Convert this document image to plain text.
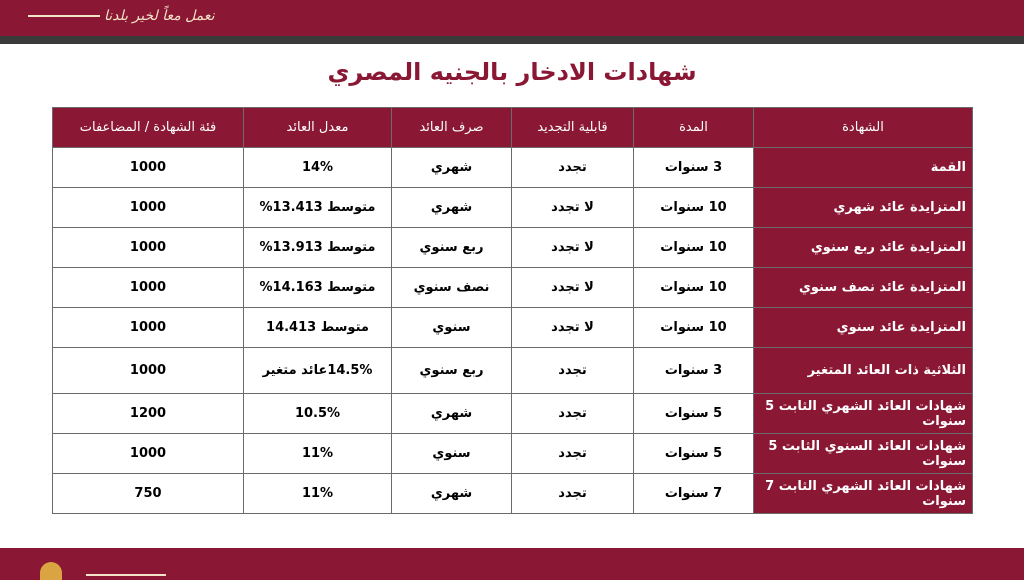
نعمل معاً لخير بلدنا
شهادات الادخار بالجنيه المصري
الشهادة	المدة	قابلية التجديد	صرف العائد	معدل العائد	فئة الشهادة / المضاعفات
القمة	3 سنوات	تجدد	شهري	14%	1000
المتزايدة عائد شهري	10 سنوات	لا تجدد	شهري	متوسط 13.413%	1000
المتزايدة عائد ربع سنوي	10 سنوات	لا تجدد	ربع سنوي	متوسط 13.913%	1000
المتزايدة عائد نصف سنوي	10 سنوات	لا تجدد	نصف سنوي	متوسط 14.163%	1000
المتزايدة عائد سنوي	10 سنوات	لا تجدد	سنوي	متوسط 14.413	1000
الثلاثية ذات العائد المتغير	3 سنوات	تجدد	ربع سنوي	14.5%عائد متغير	1000
شهادات العائد الشهري الثابت 5 سنوات	5 سنوات	تجدد	شهري	10.5%	1200
شهادات العائد السنوي الثابت 5 سنوات	5 سنوات	تجدد	سنوي	11%	1000
شهادات العائد الشهري الثابت 7 سنوات	7 سنوات	تجدد	شهري	11%	750
